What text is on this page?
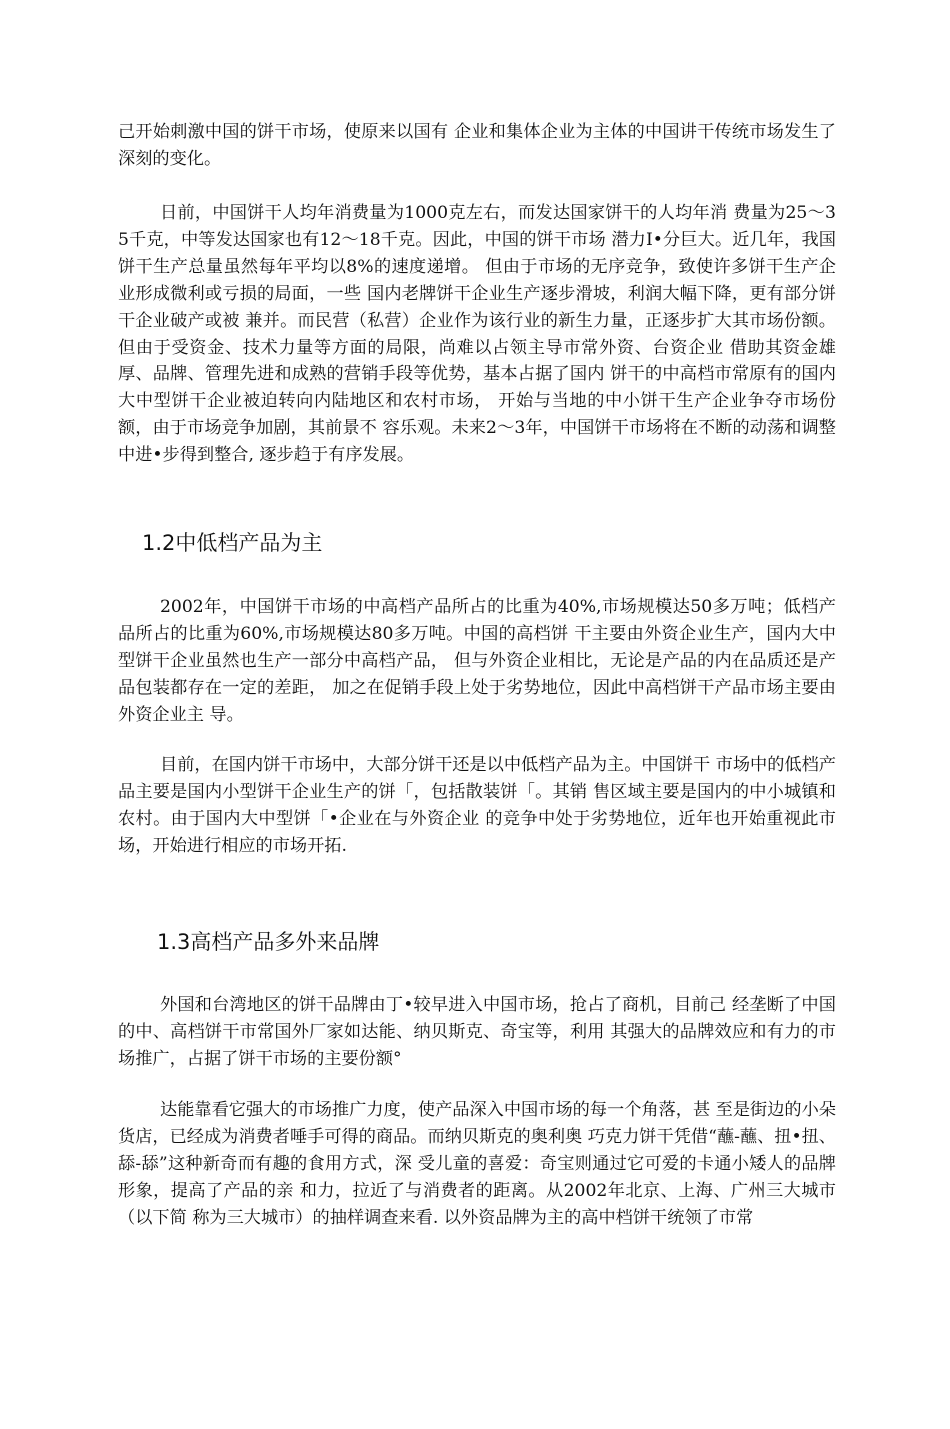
己开始刺激中国的饼干市场，使原来以国有 企业和集体企业为主体的中国讲干传统市场发生了深刻的变化。

日前，中国饼干人均年消费量为1000克左右，而发达国家饼干的人均年消 费量为25〜35千克，中等发达国家也有12〜18千克。因此，中国的饼干市场 潜力I•分巨大。近几年，我国饼干生产总量虽然每年平均以8%的速度递增。 但由于市场的无序竞争，致使许多饼干生产企业形成微利或亏损的局面，一些 国内老牌饼干企业生产逐步滑坡，利润大幅下降，更有部分饼干企业破产或被 兼并。而民营（私营）企业作为该行业的新生力量，正逐步扩大其市场份额。 但由于受资金、技术力量等方面的局限，尚难以占领主导市常外资、台资企业 借助其资金雄厚、品牌、管理先进和成熟的营销手段等优势，基本占据了国内 饼干的中高档市常原有的国内大中型饼干企业被迫转向内陆地区和农村市场， 开始与当地的中小饼干生产企业争夺市场份额，由于市场竞争加剧，其前景不 容乐观。未来2〜3年，中国饼干市场将在不断的动荡和调整中进•步得到整合, 逐步趋于有序发展。

1.2中低档产品为主

2002年，中国饼干市场的中高档产品所占的比重为40%,市场规模达50多万吨；低档产品所占的比重为60%,市场规模达80多万吨。中国的高档饼 干主要由外资企业生产，国内大中型饼干企业虽然也生产一部分中高档产品， 但与外资企业相比，无论是产品的内在品质还是产品包装都存在一定的差距， 加之在促销手段上处于劣势地位，因此中高档饼干产品市场主要由外资企业主 导。

目前，在国内饼干市场中，大部分饼干还是以中低档产品为主。中国饼干 市场中的低档产品主要是国内小型饼干企业生产的饼「，包括散装饼「。其销 售区域主要是国内的中小城镇和农村。由于国内大中型饼「•企业在与外资企业 的竞争中处于劣势地位，近年也开始重视此市场，开始进行相应的市场开拓.

1.3高档产品多外来品牌

外国和台湾地区的饼干品牌由丁•较早进入中国市场，抢占了商机，目前己 经垄断了中国的中、高档饼干市常国外厂家如达能、纳贝斯克、奇宝等，利用 其强大的品牌效应和有力的市场推广，占据了饼干市场的主要份额°

达能靠看它强大的市场推广力度，使产品深入中国市场的每一个角落，甚 至是街边的小朵货店，已经成为消费者唾手可得的商品。而纳贝斯克的奥利奥 巧克力饼干凭借“蘸-蘸、扭•扭、舔-舔”这种新奇而有趣的食用方式，深 受儿童的喜爱：奇宝则通过它可爱的卡通小矮人的品牌形象，提高了产品的亲 和力，拉近了与消费者的距离。从2002年北京、上海、广州三大城市（以下简 称为三大城市）的抽样调查来看. 以外资品牌为主的高中档饼干统领了市常
